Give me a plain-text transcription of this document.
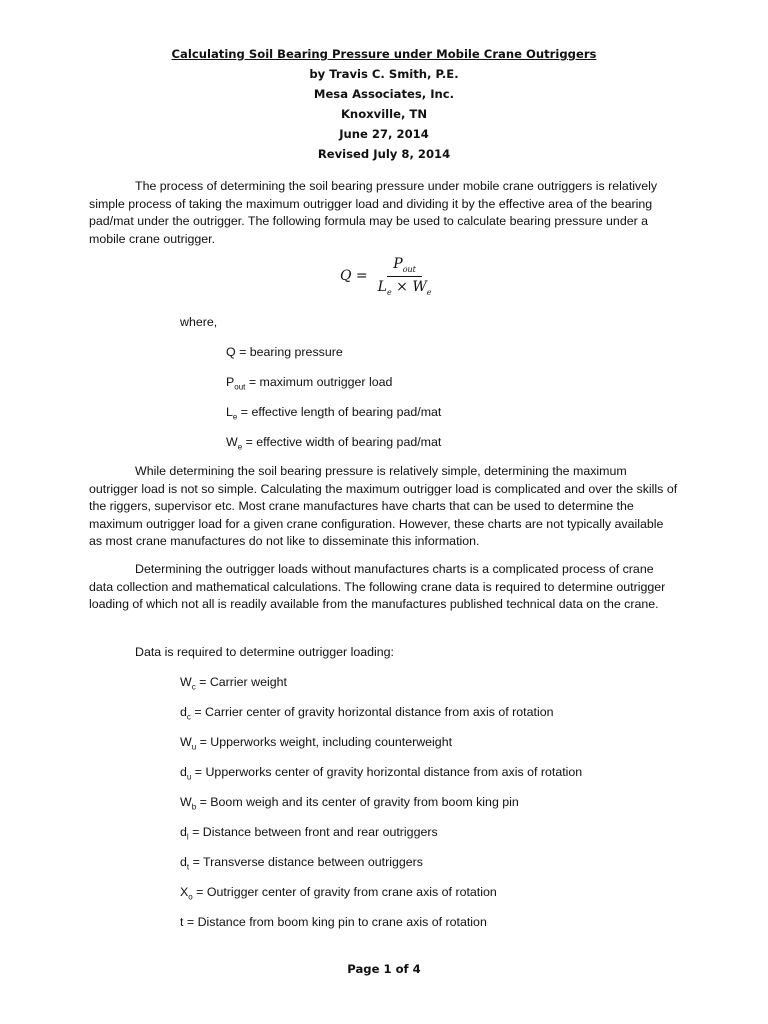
Calculating Soil Bearing Pressure under Mobile Crane Outriggers
by Travis C. Smith, P.E.
Mesa Associates, Inc.
Knoxville, TN
June 27, 2014
Revised July 8, 2014

The process of determining the soil bearing pressure under mobile crane outriggers is relatively simple process of taking the maximum outrigger load and dividing it by the effective area of the bearing pad/mat under the outrigger. The following formula may be used to calculate bearing pressure under a mobile crane outrigger.

$Q = \frac{P_{out}}{L_e \times W_e}$

where,

Q = bearing pressure

$P_{out}$ = maximum outrigger load

$L_e$ = effective length of bearing pad/mat

$W_e$ = effective width of bearing pad/mat

While determining the soil bearing pressure is relatively simple, determining the maximum outrigger load is not so simple. Calculating the maximum outrigger load is complicated and over the skills of the riggers, supervisor etc. Most crane manufactures have charts that can be used to determine the maximum outrigger load for a given crane configuration. However, these charts are not typically available as most crane manufactures do not like to disseminate this information.

Determining the outrigger loads without manufactures charts is a complicated process of crane data collection and mathematical calculations. The following crane data is required to determine outrigger loading of which not all is readily available from the manufactures published technical data on the crane.

Data is required to determine outrigger loading:

$W_c$ = Carrier weight

$d_c$ = Carrier center of gravity horizontal distance from axis of rotation

$W_u$ = Upperworks weight, including counterweight

$d_u$ = Upperworks center of gravity horizontal distance from axis of rotation

$W_b$ = Boom weigh and its center of gravity from boom king pin

$d_l$ = Distance between front and rear outriggers

$d_t$ = Transverse distance between outriggers

$X_o$ = Outrigger center of gravity from crane axis of rotation

t = Distance from boom king pin to crane axis of rotation

Page 1 of 4
